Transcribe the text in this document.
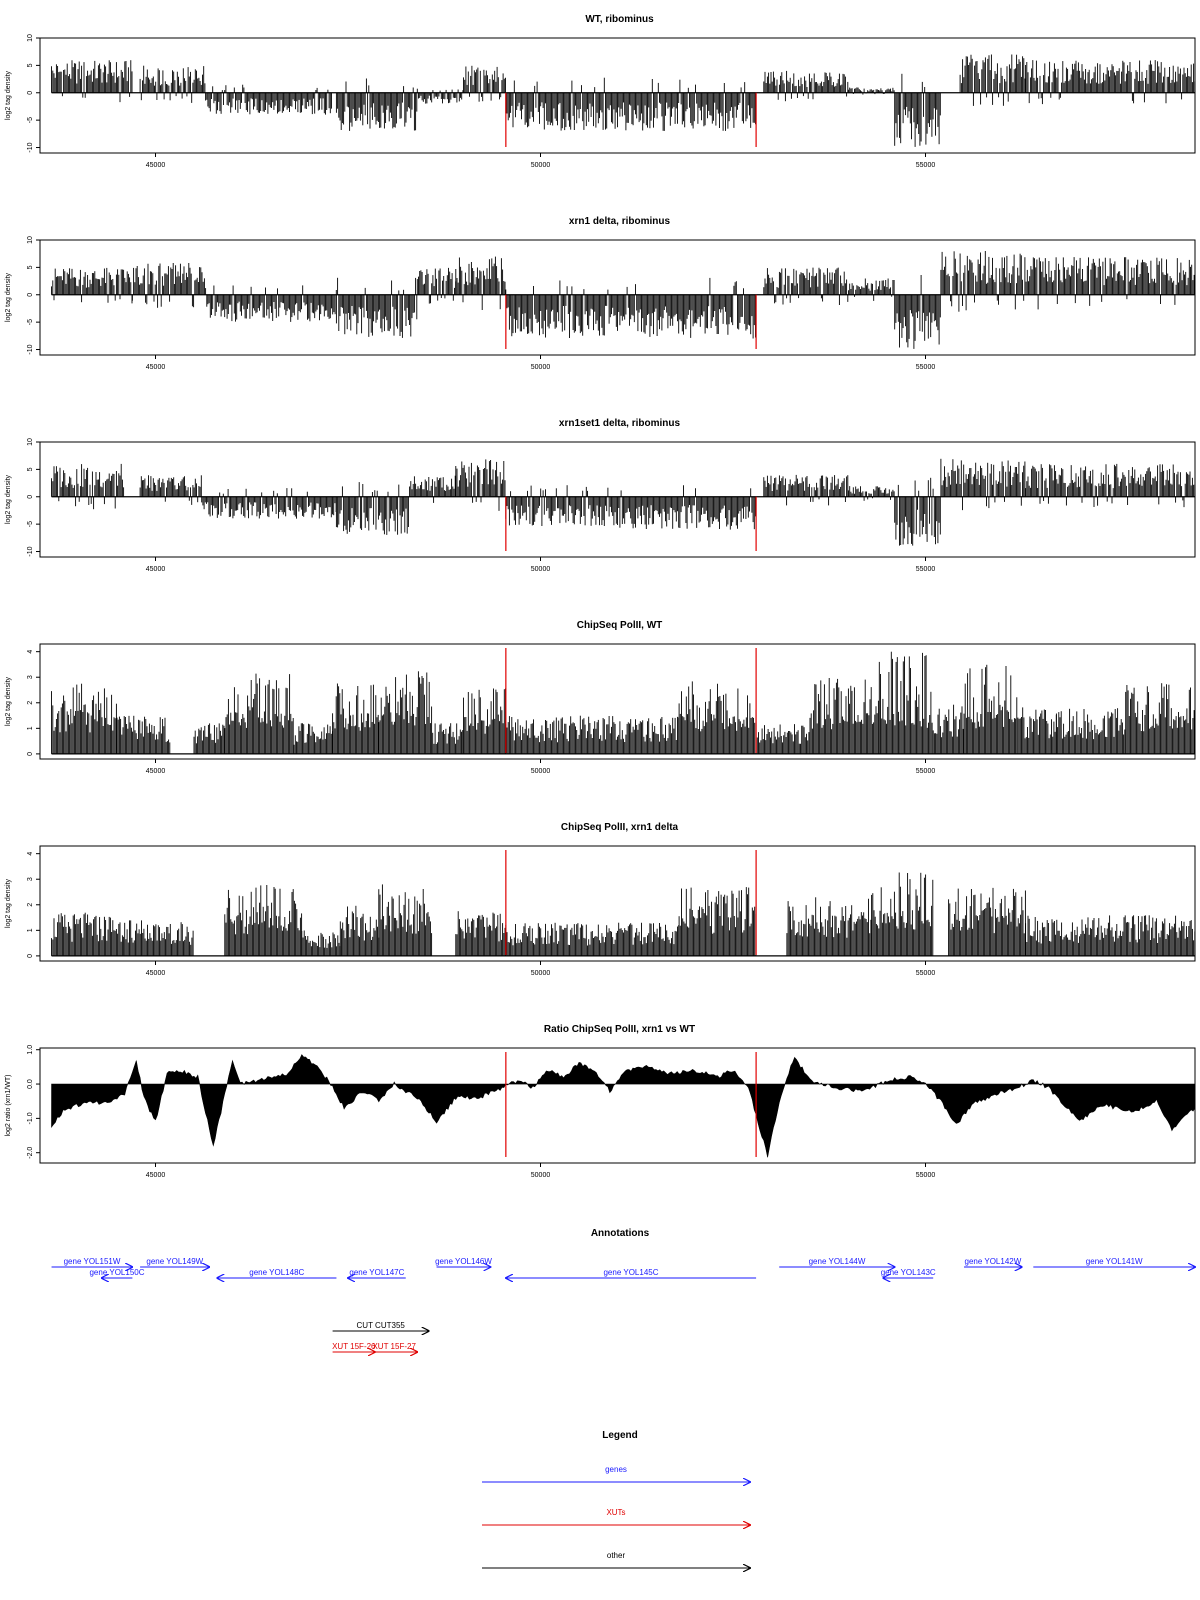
WT, ribominus
log2 tag density
-10
-5
0
5
10
45000	50000	55000
xrn1 delta, ribominus
log2 tag density
-10
-5
0
5
10
45000	50000	55000
xrn1set1 delta, ribominus
log2 tag density
-10
-5
0
5
10
45000	50000	55000
ChipSeq PolII, WT
log2 tag density
0
1
2
3
4
45000	50000	55000
ChipSeq PolII, xrn1 delta
log2 tag density
0
1
2
3
4
45000	50000	55000
Ratio ChipSeq PolII, xrn1 vs WT
log2 ratio (xrn1/WT)
-2.0
-1.0
0.0
1.0
45000	50000	55000
Annotations
gene YOL151W
gene YOL150C
gene YOL149W
gene YOL148C	gene YOL147C
gene YOL146W
gene YOL145C
gene YOL144W
gene YOL143C
gene YOL142W	gene YOL141W
CUT CUT355
XUT 15F-26
XUT 15F-27
Legend
genes
XUTs
other
